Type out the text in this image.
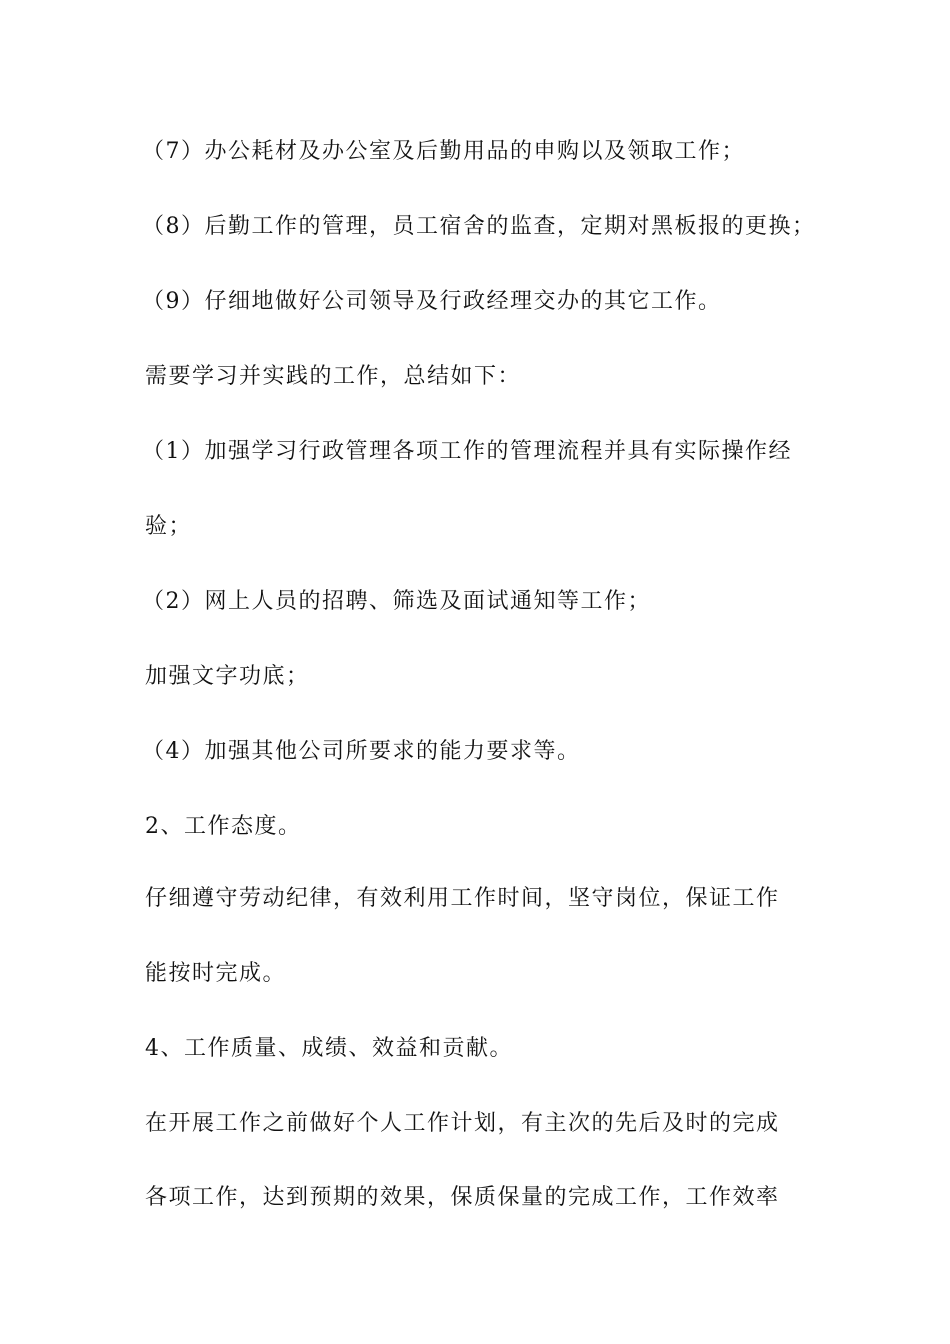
（7）办公耗材及办公室及后勤用品的申购以及领取工作；
（8）后勤工作的管理，员工宿舍的监查，定期对黑板报的更换；
（9）仔细地做好公司领导及行政经理交办的其它工作。
需要学习并实践的工作，总结如下：
（1）加强学习行政管理各项工作的管理流程并具有实际操作经
验；
（2）网上人员的招聘、筛选及面试通知等工作；
加强文字功底；
（4）加强其他公司所要求的能力要求等。
2、工作态度。
仔细遵守劳动纪律，有效利用工作时间，坚守岗位，保证工作
能按时完成。
4、工作质量、成绩、效益和贡献。
在开展工作之前做好个人工作计划，有主次的先后及时的完成
各项工作，达到预期的效果，保质保量的完成工作，工作效率
